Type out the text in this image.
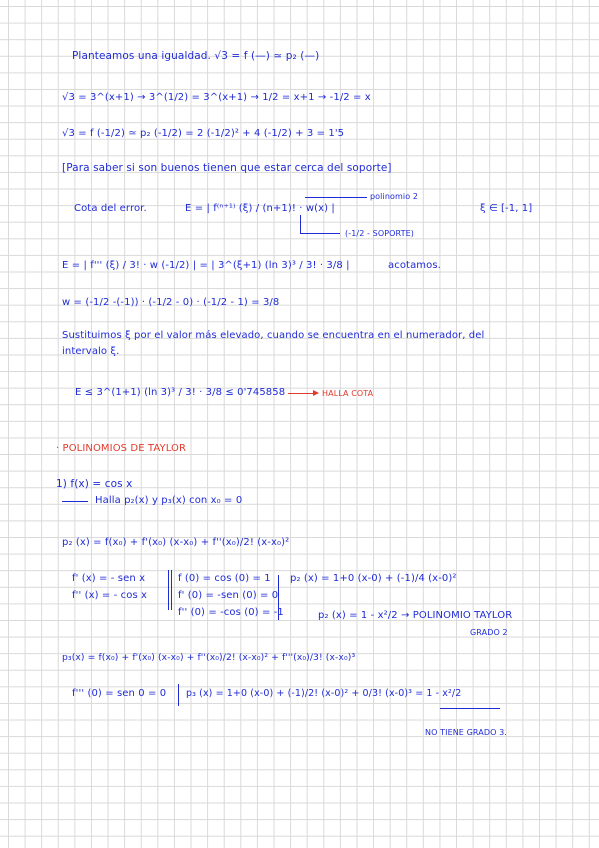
Planteamos una igualdad. √3 = f (—) ≃ p₂ (—)
√3 = 3^(x+1) → 3^(1/2) = 3^(x+1) → 1/2 = x+1 → -1/2 = x
√3 = f (-1/2) ≃ p₂ (-1/2) = 2 (-1/2)² + 4 (-1/2) + 3 = 1'5
[Para saber si son buenos tienen que estar cerca del soporte]
Cota del error.	E = | f⁽ⁿ⁺¹⁾ (ξ) / (n+1)! · w(x) |
polinomio 2
ξ ∈ [-1, 1]
(-1/2 - SOPORTE)
E = | f''' (ξ) / 3! · w (-1/2) | = | 3^(ξ+1) (ln 3)³ / 3! · 3/8 |	acotamos.
w = (-1/2 -(-1)) · (-1/2 - 0) · (-1/2 - 1) = 3/8
Sustituimos ξ por el valor más elevado, cuando se encuentra en el numerador, del
intervalo ξ.
E ≤ 3^(1+1) (ln 3)³ / 3! · 3/8 ≤ 0'745858	HALLA COTA
· POLINOMIOS DE TAYLOR
1) f(x) = cos x
Halla p₂(x) y p₃(x) con x₀ = 0
p₂ (x) = f(x₀) + f'(x₀) (x-x₀) + f''(x₀)/2! (x-x₀)²
f' (x) = - sen x	f (0) = cos (0) = 1 p₂ (x) = 1+0 (x-0) + (-1)/4 (x-0)²
f'' (x) = - cos x	f' (0) = -sen (0) = 0
f'' (0) = -cos (0) = -1	p₂ (x) = 1 - x²/2 → POLINOMIO TAYLOR
GRADO 2
p₃(x) = f(x₀) + f'(x₀) (x-x₀) + f''(x₀)/2! (x-x₀)² + f'''(x₀)/3! (x-x₀)³
f''' (0) = sen 0 = 0 p₃ (x) = 1+0 (x-0) + (-1)/2! (x-0)² + 0/3! (x-0)³ = 1 - x²/2
NO TIENE GRADO 3.
